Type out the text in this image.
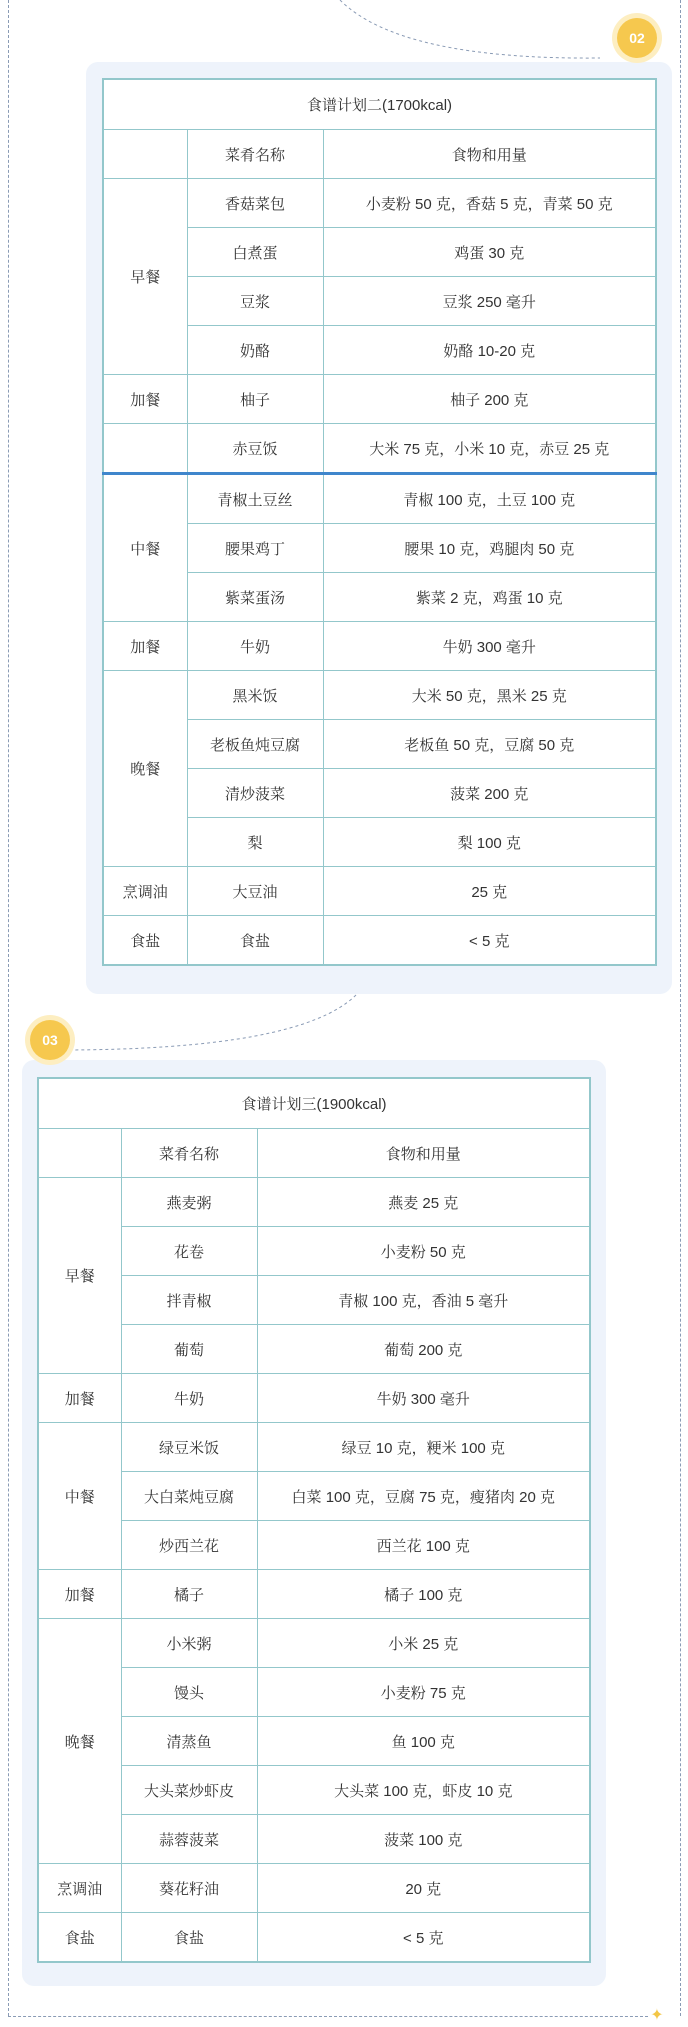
✦
02
03
食谱计划二(1700kcal)		
	菜肴名称	食物和用量
早餐	香菇菜包	小麦粉 50 克，香菇 5 克，青菜 50 克
	白煮蛋	鸡蛋 30 克
	豆浆	豆浆 250 毫升
	奶酪	奶酪 10-20 克
加餐	柚子	柚子 200 克
	赤豆饭	大米 75 克，小米 10 克，赤豆 25 克
中餐	青椒土豆丝	青椒 100 克，土豆 100 克
	腰果鸡丁	腰果 10 克，鸡腿肉 50 克
	紫菜蛋汤	紫菜 2 克，鸡蛋 10 克
加餐	牛奶	牛奶 300 毫升
晚餐	黑米饭	大米 50 克，黑米 25 克
	老板鱼炖豆腐	老板鱼 50 克，豆腐 50 克
	清炒菠菜	菠菜 200 克
	梨	梨 100 克
烹调油	大豆油	25 克
食盐	食盐	< 5 克
食谱计划三(1900kcal)		
	菜肴名称	食物和用量
早餐	燕麦粥	燕麦 25 克
	花卷	小麦粉 50 克
	拌青椒	青椒 100 克，香油 5 毫升
	葡萄	葡萄 200 克
加餐	牛奶	牛奶 300 毫升
中餐	绿豆米饭	绿豆 10 克，粳米 100 克
	大白菜炖豆腐	白菜 100 克，豆腐 75 克，瘦猪肉 20 克
	炒西兰花	西兰花 100 克
加餐	橘子	橘子 100 克
晚餐	小米粥	小米 25 克
	馒头	小麦粉 75 克
	清蒸鱼	鱼 100 克
	大头菜炒虾皮	大头菜 100 克，虾皮 10 克
	蒜蓉菠菜	菠菜 100 克
烹调油	葵花籽油	20 克
食盐	食盐	< 5 克
